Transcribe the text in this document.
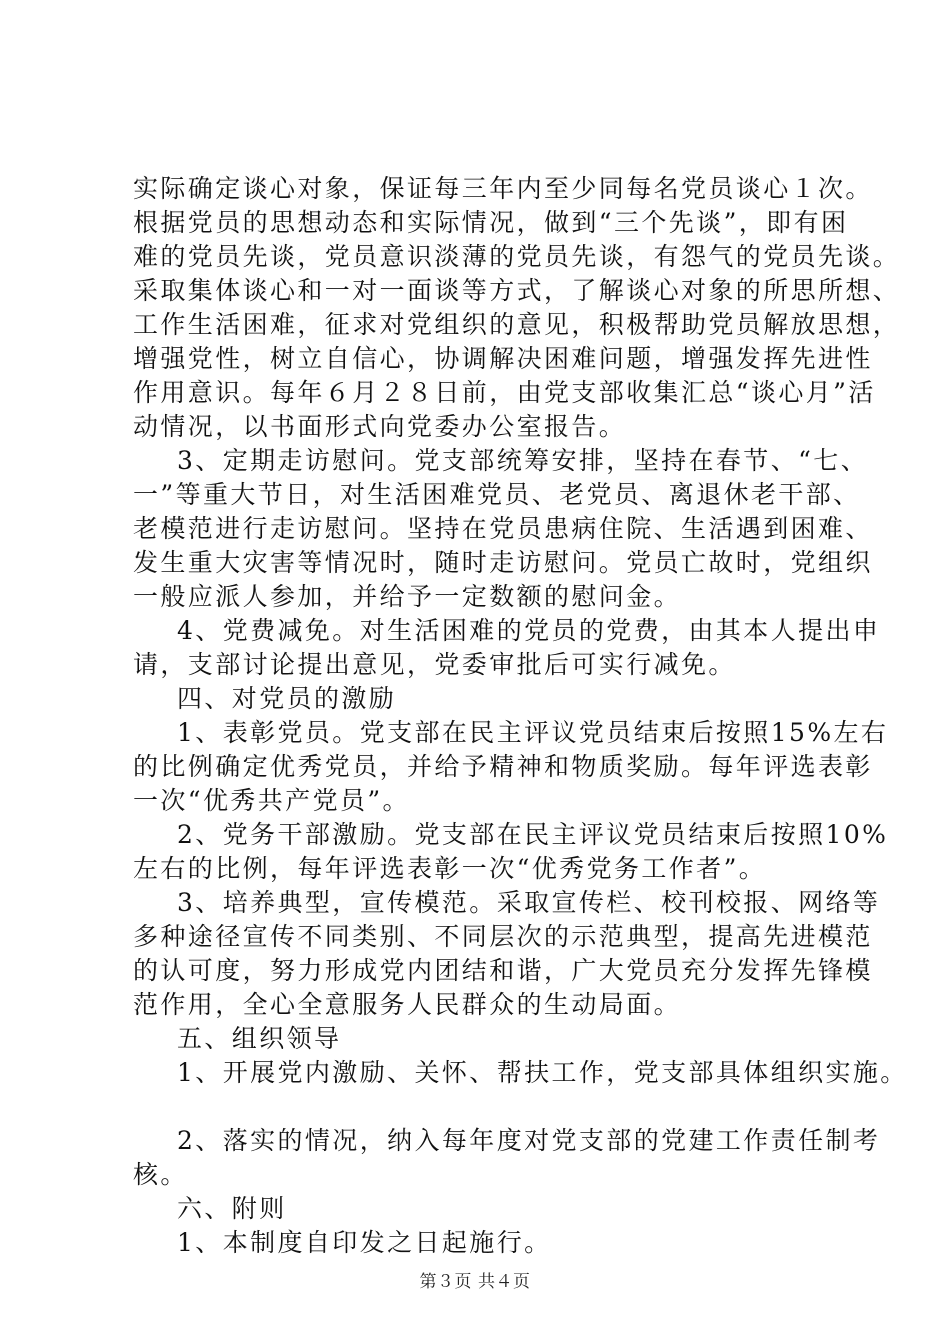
实际确定谈心对象，保证每三年内至少同每名党员谈心１次。
根据党员的思想动态和实际情况，做到“三个先谈”，即有困
难的党员先谈，党员意识淡薄的党员先谈，有怨气的党员先谈。
采取集体谈心和一对一面谈等方式，了解谈心对象的所思所想、
工作生活困难，征求对党组织的意见，积极帮助党员解放思想，
增强党性，树立自信心，协调解决困难问题，增强发挥先进性
作用意识。每年６月２８日前，由党支部收集汇总“谈心月”活
动情况，以书面形式向党委办公室报告。
3、定期走访慰问。党支部统筹安排，坚持在春节、“七、
一”等重大节日，对生活困难党员、老党员、离退休老干部、
老模范进行走访慰问。坚持在党员患病住院、生活遇到困难、
发生重大灾害等情况时，随时走访慰问。党员亡故时，党组织
一般应派人参加，并给予一定数额的慰问金。
4、党费减免。对生活困难的党员的党费，由其本人提出申
请，支部讨论提出意见，党委审批后可实行减免。
四、对党员的激励
1、表彰党员。党支部在民主评议党员结束后按照15%左右
的比例确定优秀党员，并给予精神和物质奖励。每年评选表彰
一次“优秀共产党员”。
2、党务干部激励。党支部在民主评议党员结束后按照10%
左右的比例，每年评选表彰一次“优秀党务工作者”。
3、培养典型，宣传模范。采取宣传栏、校刊校报、网络等
多种途径宣传不同类别、不同层次的示范典型，提高先进模范
的认可度，努力形成党内团结和谐，广大党员充分发挥先锋模
范作用，全心全意服务人民群众的生动局面。
五、组织领导
1、开展党内激励、关怀、帮扶工作，党支部具体组织实施。
2、落实的情况，纳入每年度对党支部的党建工作责任制考
核。
六、附则
1、本制度自印发之日起施行。
第３页 共４页
